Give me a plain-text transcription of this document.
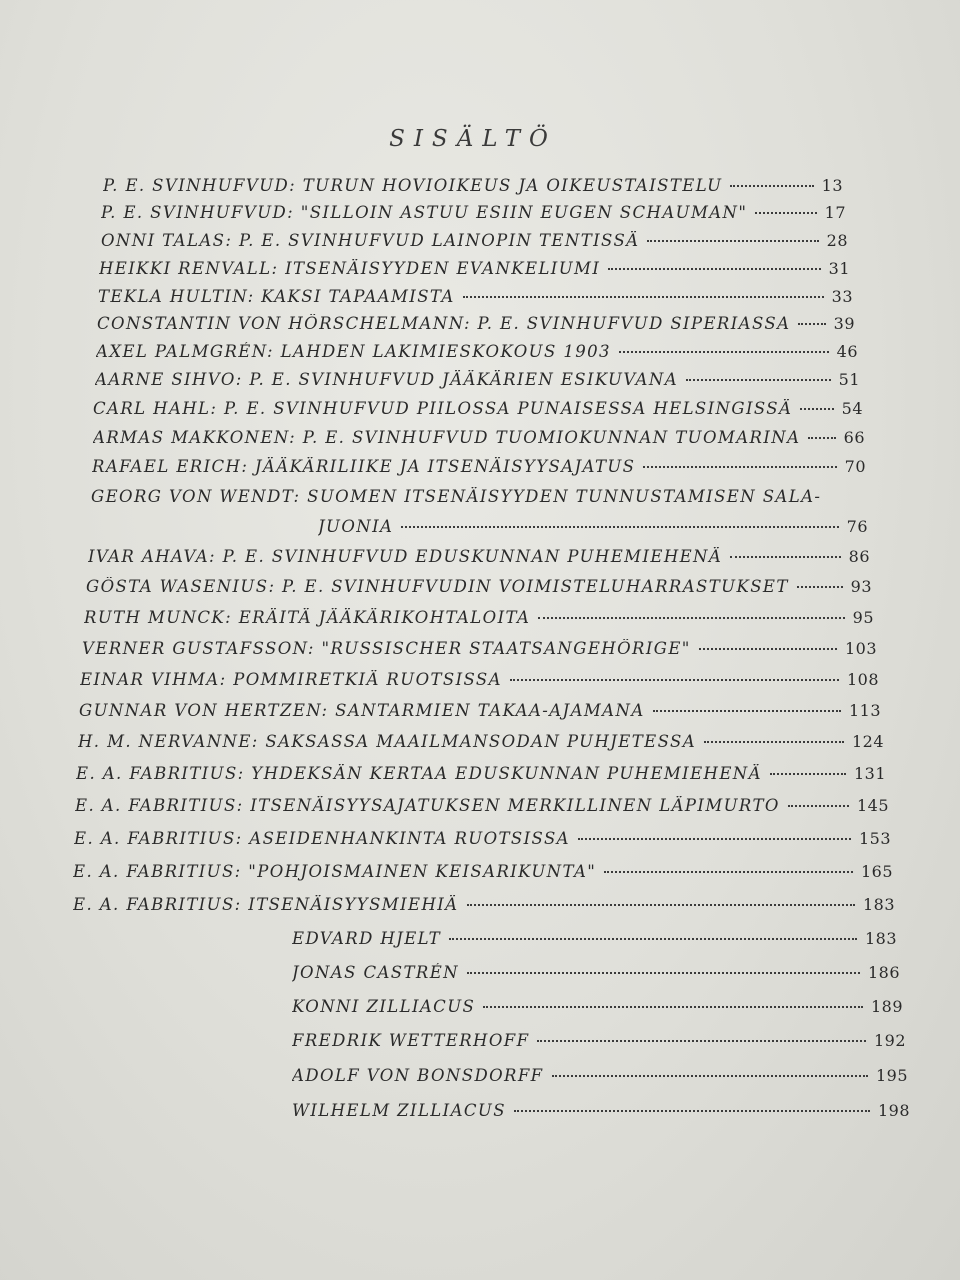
SISÄLTÖ
P. E. SVINHUFVUD: TURUN HOVIOIKEUS JA OIKEUSTAISTELU	13
P. E. SVINHUFVUD: "SILLOIN ASTUU ESIIN EUGEN SCHAUMAN"	17
ONNI TALAS: P. E. SVINHUFVUD LAINOPIN TENTISSÄ	28
HEIKKI RENVALL: ITSENÄISYYDEN EVANKELIUMI	31
TEKLA HULTIN: KAKSI TAPAAMISTA	33
CONSTANTIN VON HÖRSCHELMANN: P. E. SVINHUFVUD SIPERIASSA	39
AXEL PALMGRÉN: LAHDEN LAKIMIESKOKOUS 1903	46
AARNE SIHVO: P. E. SVINHUFVUD JÄÄKÄRIEN ESIKUVANA	51
CARL HAHL: P. E. SVINHUFVUD PIILOSSA PUNAISESSA HELSINGISSÄ	54
ARMAS MAKKONEN: P. E. SVINHUFVUD TUOMIOKUNNAN TUOMARINA	66
RAFAEL ERICH: JÄÄKÄRILIIKE JA ITSENÄISYYSAJATUS	70
GEORG VON WENDT: SUOMEN ITSENÄISYYDEN TUNNUSTAMISEN SALA-
JUONIA	76
IVAR AHAVA: P. E. SVINHUFVUD EDUSKUNNAN PUHEMIEHENÄ	86
GÖSTA WASENIUS: P. E. SVINHUFVUDIN VOIMISTELUHARRASTUKSET	93
RUTH MUNCK: ERÄITÄ JÄÄKÄRIKOHTALOITA	95
VERNER GUSTAFSSON: "RUSSISCHER STAATSANGEHÖRIGE"	103
EINAR VIHMA: POMMIRETKIÄ RUOTSISSA	108
GUNNAR VON HERTZEN: SANTARMIEN TAKAA-AJAMANA	113
H. M. NERVANNE: SAKSASSA MAAILMANSODAN PUHJETESSA	124
E. A. FABRITIUS: YHDEKSÄN KERTAA EDUSKUNNAN PUHEMIEHENÄ	131
E. A. FABRITIUS: ITSENÄISYYSAJATUKSEN MERKILLINEN LÄPIMURTO	145
E. A. FABRITIUS: ASEIDENHANKINTA RUOTSISSA	153
E. A. FABRITIUS: "POHJOISMAINEN KEISARIKUNTA"	165
E. A. FABRITIUS: ITSENÄISYYSMIEHIÄ	183
EDVARD HJELT	183
JONAS CASTRÉN	186
KONNI ZILLIACUS	189
FREDRIK WETTERHOFF	192
ADOLF VON BONSDORFF	195
WILHELM ZILLIACUS	198
